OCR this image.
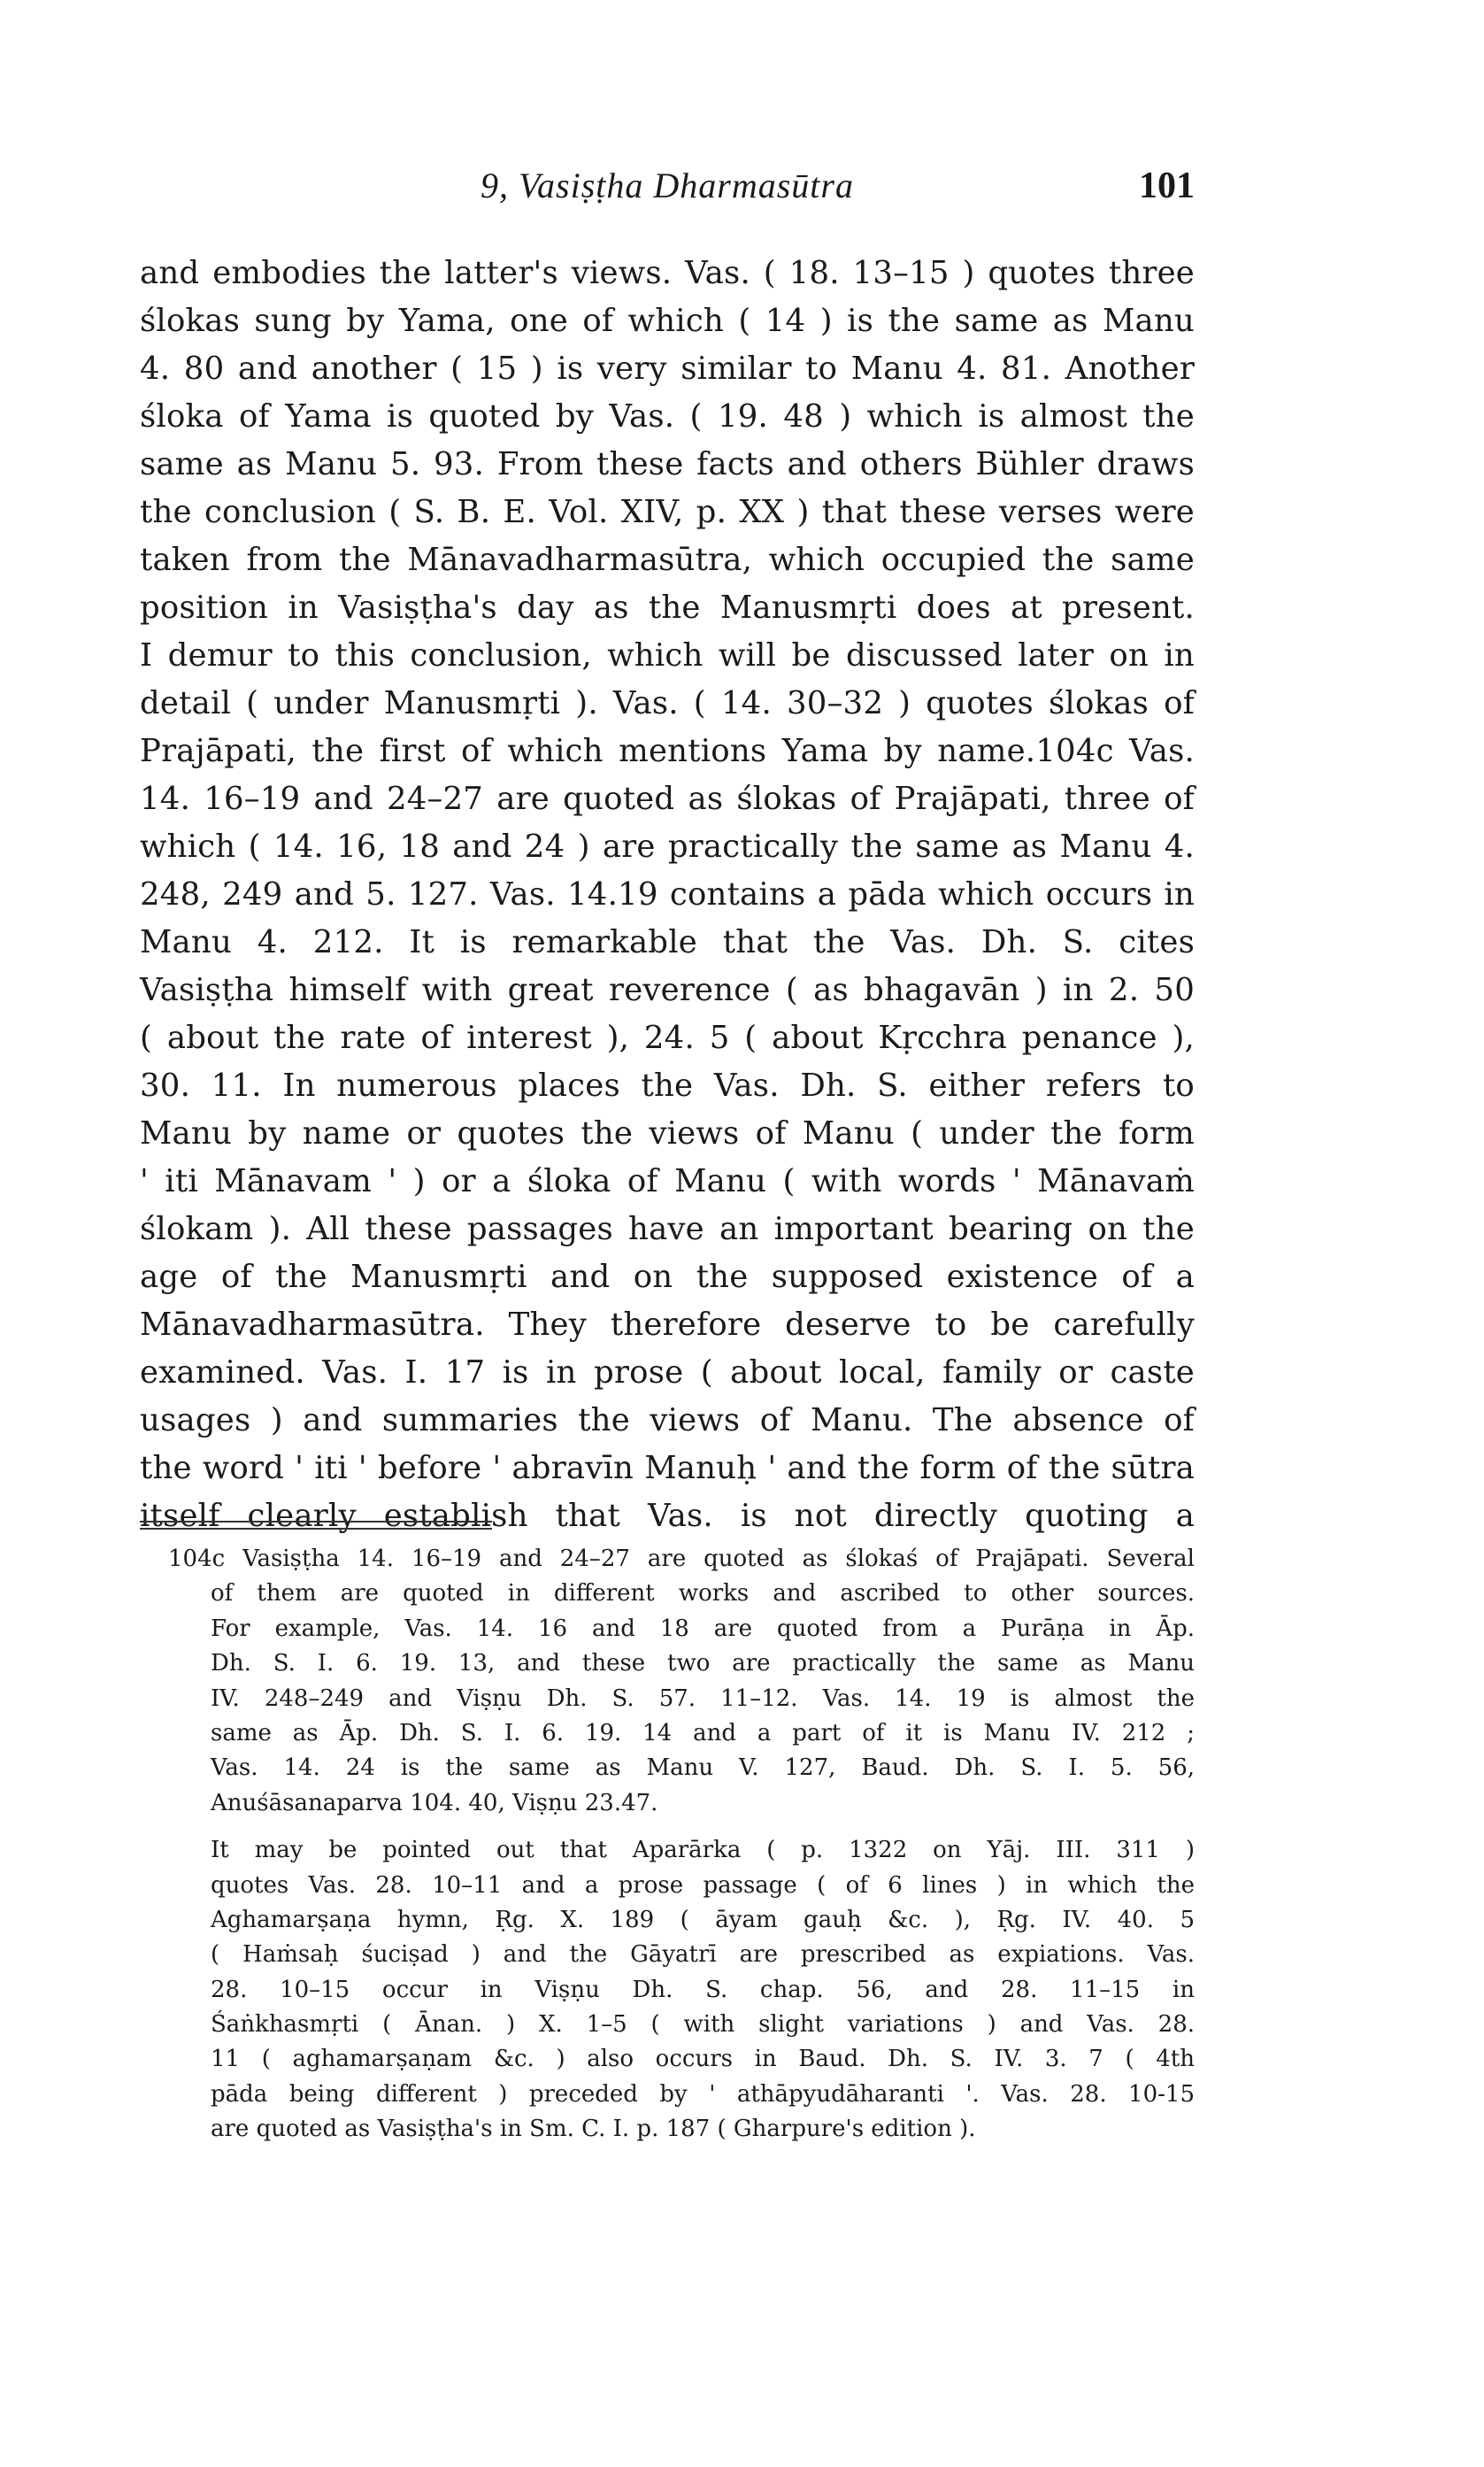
9, Vasiṣṭha Dharmasūtra	101
and embodies the latter's views. Vas. ( 18. 13–15 ) quotes three
ślokas sung by Yama, one of which ( 14 ) is the same as Manu
4. 80 and another ( 15 ) is very similar to Manu 4. 81. Another
śloka of Yama is quoted by Vas. ( 19. 48 ) which is almost the
same as Manu 5. 93. From these facts and others Bühler draws
the conclusion ( S. B. E. Vol. XIV, p. XX ) that these verses were
taken from the Mānavadharmasūtra, which occupied the same
position in Vasiṣṭha's day as the Manusmṛti does at present.
I demur to this conclusion, which will be discussed later on in
detail ( under Manusmṛti ). Vas. ( 14. 30–32 ) quotes ślokas of
Prajāpati, the first of which mentions Yama by name.104c Vas.
14. 16–19 and 24–27 are quoted as ślokas of Prajāpati, three of
which ( 14. 16, 18 and 24 ) are practically the same as Manu 4.
248, 249 and 5. 127. Vas. 14.19 contains a pāda which occurs in
Manu 4. 212. It is remarkable that the Vas. Dh. S. cites
Vasiṣṭha himself with great reverence ( as bhagavān ) in 2. 50
( about the rate of interest ), 24. 5 ( about Kṛcchra penance ),
30. 11. In numerous places the Vas. Dh. S. either refers to
Manu by name or quotes the views of Manu ( under the form
' iti Mānavam ' ) or a śloka of Manu ( with words ' Mānavaṁ
ślokam ). All these passages have an important bearing on the
age of the Manusmṛti and on the supposed existence of a
Mānavadharmasūtra. They therefore deserve to be carefully
examined. Vas. I. 17 is in prose ( about local, family or caste
usages ) and summaries the views of Manu. The absence of
the word ' iti ' before ' abravīn Manuḥ ' and the form of the sūtra
itself clearly establish that Vas. is not directly quoting a
104c Vasiṣṭha 14. 16–19 and 24–27 are quoted as ślokaś of Prajāpati. Several
of them are quoted in different works and ascribed to other sources.
For example, Vas. 14. 16 and 18 are quoted from a Purāṇa in Āp.
Dh. S. I. 6. 19. 13, and these two are practically the same as Manu
IV. 248–249 and Viṣṇu Dh. S. 57. 11–12. Vas. 14. 19 is almost the
same as Āp. Dh. S. I. 6. 19. 14 and a part of it is Manu IV. 212 ;
Vas. 14. 24 is the same as Manu V. 127, Baud. Dh. S. I. 5. 56,
Anuśāsanaparva 104. 40, Viṣṇu 23.47.
It may be pointed out that Aparārka ( p. 1322 on Yāj. III. 311 )
quotes Vas. 28. 10–11 and a prose passage ( of 6 lines ) in which the
Aghamarṣaṇa hymn, Ṛg. X. 189 ( āyam gauḥ &c. ), Ṛg. IV. 40. 5
( Haṁsaḥ śuciṣad ) and the Gāyatrī are prescribed as expiations. Vas.
28. 10–15 occur in Viṣṇu Dh. S. chap. 56, and 28. 11–15 in
Śaṅkhasmṛti ( Ānan. ) X. 1–5 ( with slight variations ) and Vas. 28.
11 ( aghamarṣaṇam &c. ) also occurs in Baud. Dh. S. IV. 3. 7 ( 4th
pāda being different ) preceded by ' athāpyudāharanti '. Vas. 28. 10-15
are quoted as Vasiṣṭha's in Sm. C. I. p. 187 ( Gharpure's edition ).
